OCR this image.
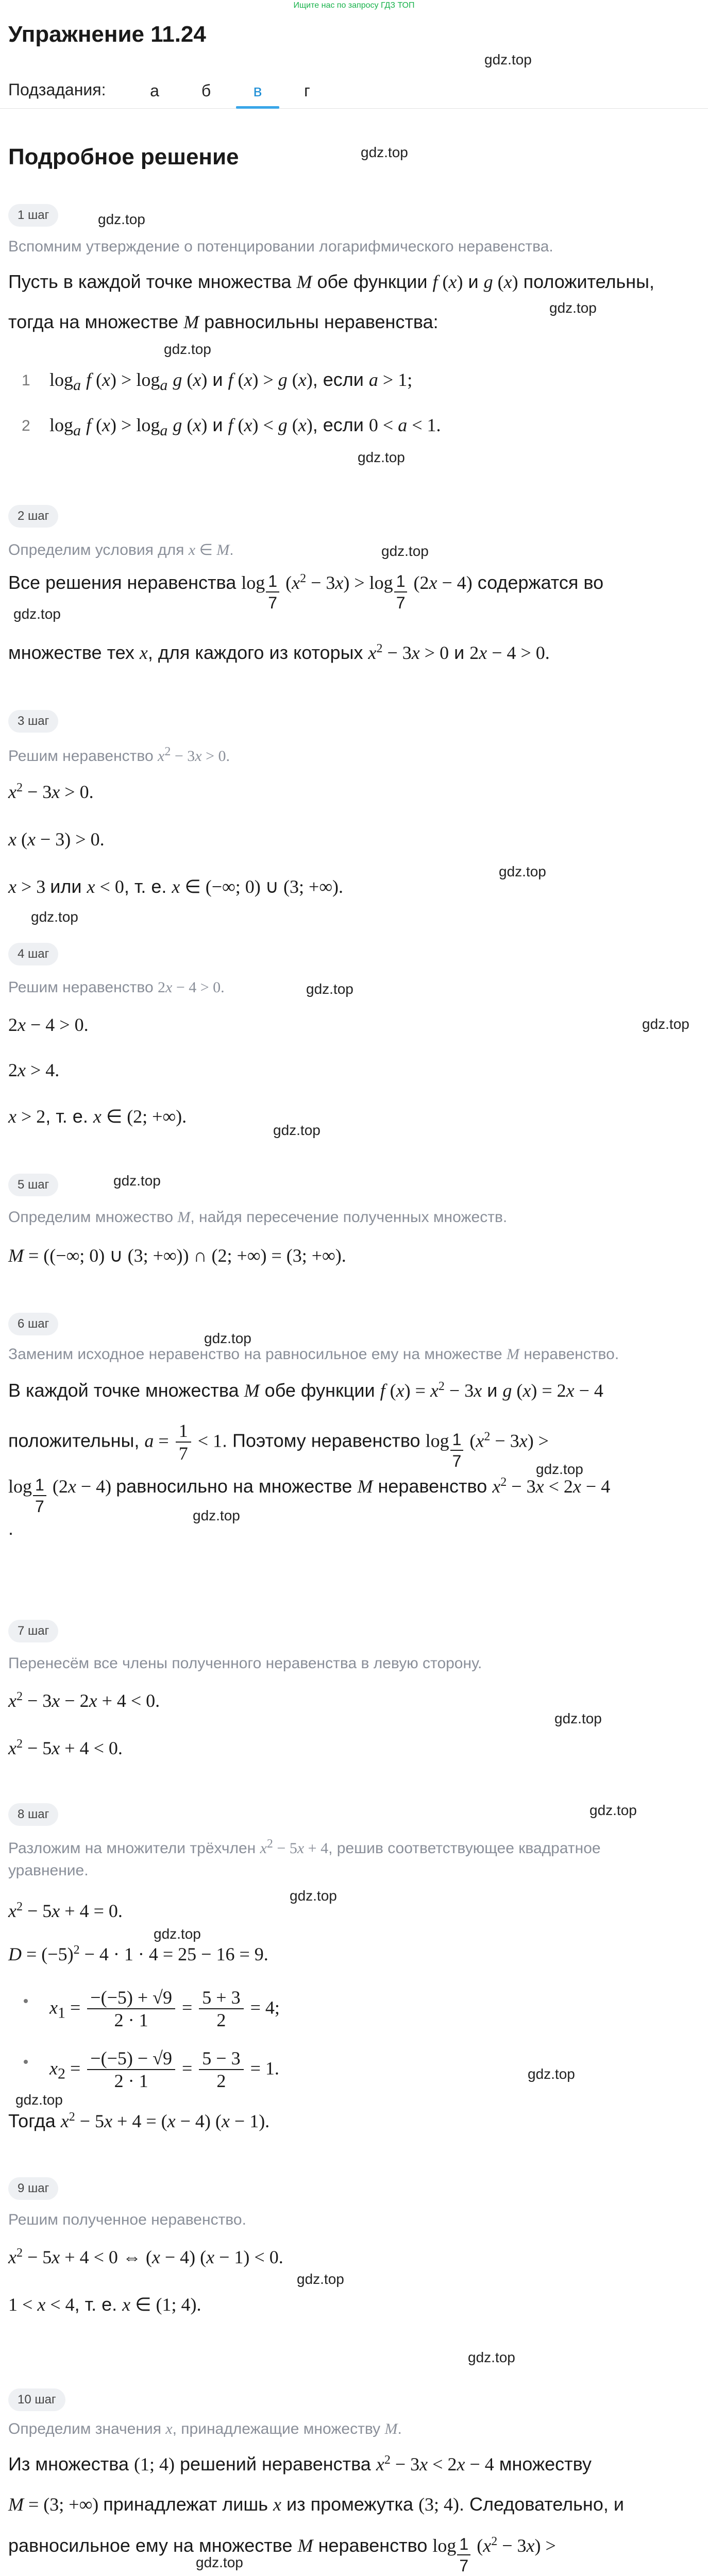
Ищите нас по запросу ГДЗ ТОП
Упражнение 11.24
gdz.top
Подзадания:	а	б	в	г
Подробное решение	gdz.top
1 шаг	gdz.top
Вспомним утверждение о потенцировании логарифмического неравенства.
Пусть в каждой точке множества M обе функции f (x) и g (x) положительны,
gdz.top
тогда на множестве M равносильны неравенства:
gdz.top
1 $\log_a f$ $(x) > \log_a g$ (x) и f (x) > g (x), если a > 1;
2 $\log_a f$ $(x) > \log_a g$ (x) и f (x) < g (x), если 0 < a < 1.
gdz.top
2 шаг
Определим условия для x ∈ M.	gdz.top
Все решения неравенства $\log \frac{1}{7} (x^2 - 3x) > \log \frac{1}{7} (2x - 4)$ содержатся во
gdz.top
множестве тех x, для каждого из которых $x^2 - 3x > 0$ и 2x − 4 > 0.
3 шаг
Решим неравенство $x^2 - 3x > 0$.
$x^2 - 3x > 0$.
x (x − 3) > 0.
gdz.top
x > 3 или x < 0, т. е. x ∈ (−∞; 0) ∪ (3; +∞).
gdz.top
4 шаг
Решим неравенство 2x − 4 > 0.	gdz.top
2x − 4 > 0.	gdz.top
2x > 4.
x > 2, т. е. x ∈ (2; +∞).
gdz.top
5 шаг	gdz.top
Определим множество M, найдя пересечение полученных множеств.
M = ((−∞; 0) ∪ (3; +∞)) ∩ (2; +∞) = (3; +∞).
6 шаг
gdz.top
Заменим исходное неравенство на равносильное ему на множестве M неравенство.
В каждой точке множества M обе функции f $(x) = x^2 - 3x$ и g (x) = 2x − 4
положительны, $a = \frac{1}{7} < 1$. Поэтому неравенство $\log \frac{1}{7} (x^2 - 3x)$ >
$\log \frac{1}{7} (2x - 4)$ равносильно на множестве M неравенство $x^2 - 3x < 2x - 4$
gdz.top
gdz.top
.
7 шаг
Перенесём все члены полученного неравенства в левую сторону.
$x^2 - 3x - 2x + 4 < 0$.
gdz.top
$x^2 - 5x + 4 < 0$.
8 шаг	gdz.top
Разложим на множители трёхчлен $x^2 - 5x + 4$, решив соответствующее квадратное
уравнение.
gdz.top
$x^2 - 5x + 4 = 0$.
gdz.top
$D = (-5)^2 - 4 \cdot 1 \cdot 4 = 25 - 16 = 9$.
$x_1 = \frac{-(-5) + √9}{2 \cdot 1} = \frac{5 + 3}{2} = 4$;
$x_2 = \frac{-(-5) - √9}{2 \cdot 1} = \frac{5 - 3}{2} = 1$.	gdz.top
gdz.top
Тогда $x^2 - 5x + 4 = (x - 4) (x - 1)$.
9 шаг
Решим полученное неравенство.
$x^2 - 5x + 4 < 0$ ⇔ (x − 4) (x − 1) < 0.
gdz.top
1 < x < 4, т. е. x ∈ (1; 4).
gdz.top
10 шаг
Определим значения x, принадлежащие множеству M.
Из множества (1; 4) решений неравенства $x^2 - 3x < 2x - 4$ множеству
M = (3; +∞) принадлежат лишь x из промежутка (3; 4). Следовательно, и
равносильное ему на множестве M неравенство $\log \frac{1}{7} (x^2 - 3x)$ >
gdz.top
